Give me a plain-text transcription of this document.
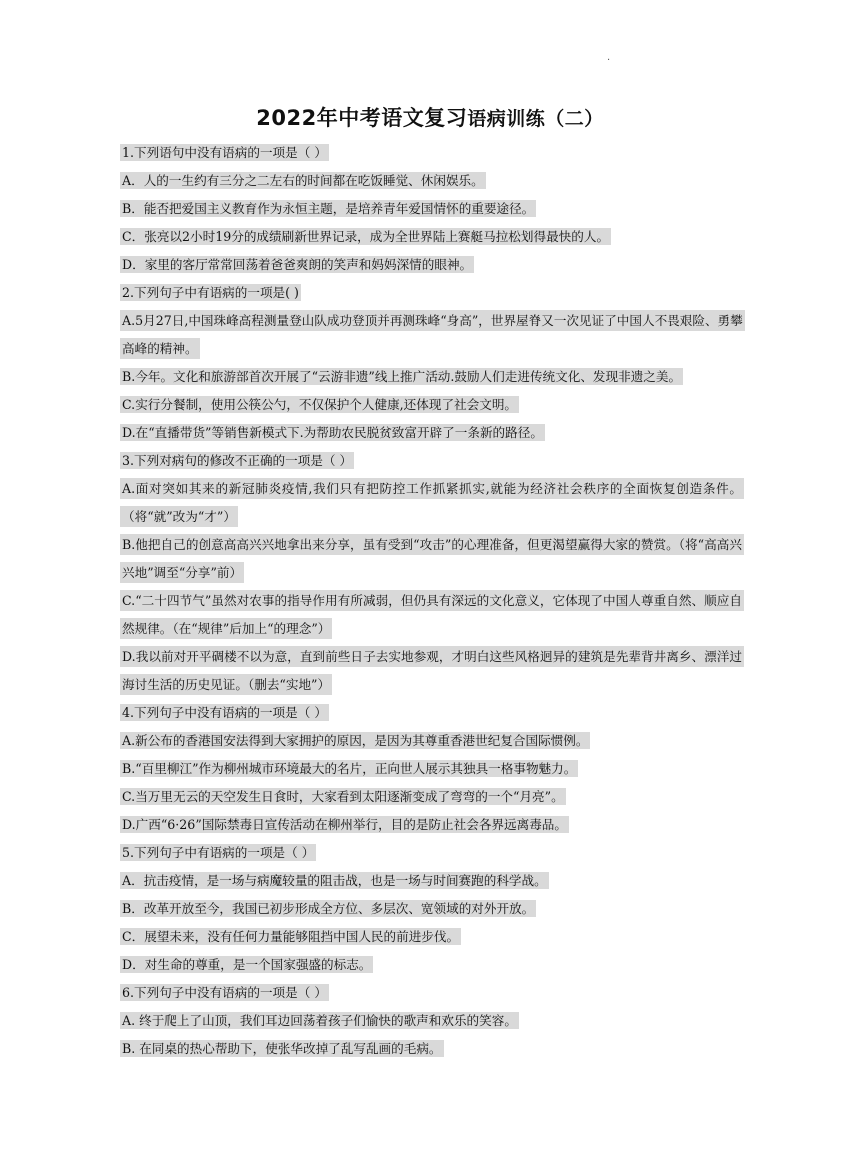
.
2022年中考语文复习语病训练（二）
1.下列语句中没有语病的一项是（ ）
A．人的一生约有三分之二左右的时间都在吃饭睡觉、休闲娱乐。
B．能否把爱国主义教育作为永恒主题，是培养青年爱国情怀的重要途径。
C．张亮以2小时19分的成绩刷新世界记录，成为全世界陆上赛艇马拉松划得最快的人。
D．家里的客厅常常回荡着爸爸爽朗的笑声和妈妈深情的眼神。
2.下列句子中有语病的一项是( )
A.5月27日,中国珠峰高程测量登山队成功登顶并再测珠峰“身高”，世界屋脊又一次见证了中国人不畏艰险、勇攀高峰的精神。
B.今年。文化和旅游部首次开展了“云游非遗”线上推广活动.鼓励人们走进传统文化、发现非遗之美。
C.实行分餐制，使用公筷公勺，不仅保护个人健康,还体现了社会文明。
D.在“直播带货”等销售新模式下.为帮助农民脱贫致富开辟了一条新的路径。
3.下列对病句的修改不正确的一项是（ ）
A.面对突如其来的新冠肺炎疫情,我们只有把防控工作抓紧抓实,就能为经济社会秩序的全面恢复创造条件。（将“就”改为“才”）
B.他把自己的创意高高兴兴地拿出来分享，虽有受到“攻击”的心理准备，但更渴望赢得大家的赞赏。（将“高高兴兴地”调至“分享”前）
C.“二十四节气”虽然对农事的指导作用有所减弱，但仍具有深远的文化意义，它体现了中国人尊重自然、顺应自然规律。（在“规律”后加上“的理念”）
D.我以前对开平碉楼不以为意，直到前些日子去实地参观，才明白这些风格迥异的建筑是先辈背井离乡、漂洋过海讨生活的历史见证。（删去“实地”）
4.下列句子中没有语病的一项是（ ）
A.新公布的香港国安法得到大家拥护的原因，是因为其尊重香港世纪复合国际惯例。
B.“百里柳江”作为柳州城市环境最大的名片，正向世人展示其独具一格事物魅力。
C.当万里无云的天空发生日食时，大家看到太阳逐渐变成了弯弯的一个“月亮”。
D.广西“6·26”国际禁毒日宣传活动在柳州举行，目的是防止社会各界远离毒品。
5.下列句子中有语病的一项是（ ）
A．抗击疫情，是一场与病魔较量的阻击战，也是一场与时间赛跑的科学战。
B．改革开放至今，我国已初步形成全方位、多层次、宽领域的对外开放。
C．展望未来，没有任何力量能够阻挡中国人民的前进步伐。
D．对生命的尊重，是一个国家强盛的标志。
6.下列句子中没有语病的一项是（ ）
A. 终于爬上了山顶，我们耳边回荡着孩子们愉快的歌声和欢乐的笑容。
B. 在同桌的热心帮助下，使张华改掉了乱写乱画的毛病。
